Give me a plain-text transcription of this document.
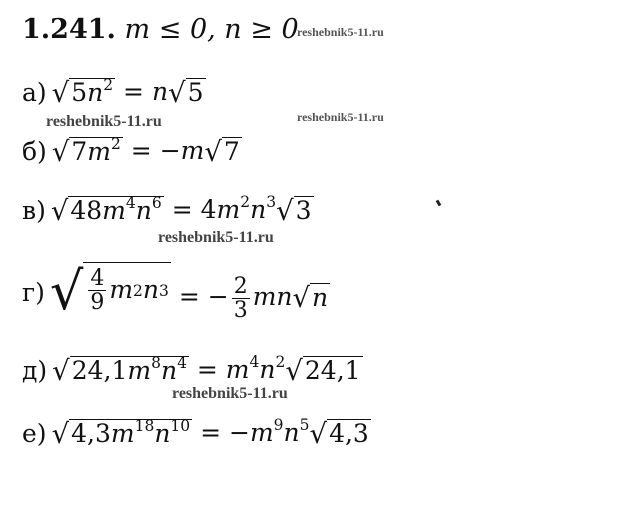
1.241. m ≤ 0, n ≥ 0
reshebnik5-11.ru
reshebnik5-11.ru	reshebnik5-11.ru
reshebnik5-11.ru
reshebnik5-11.ru
а) √ $5n^2 = n$ √ 5
б) √ $7m^2 = -m$ √ 7
в) √ $48m^4n^6 = 4m^2n^3$ √ 3
г) √ $\frac{4}{9}$ m 2 n 3 = − $\frac{2}{3}$ mn √ n
д) √ $24,1m^8n^4 = m^4n^2$ √ 24,1
е) √ $4,3m^{18}n^{10} = -m^9n^5$ √ 4,3
